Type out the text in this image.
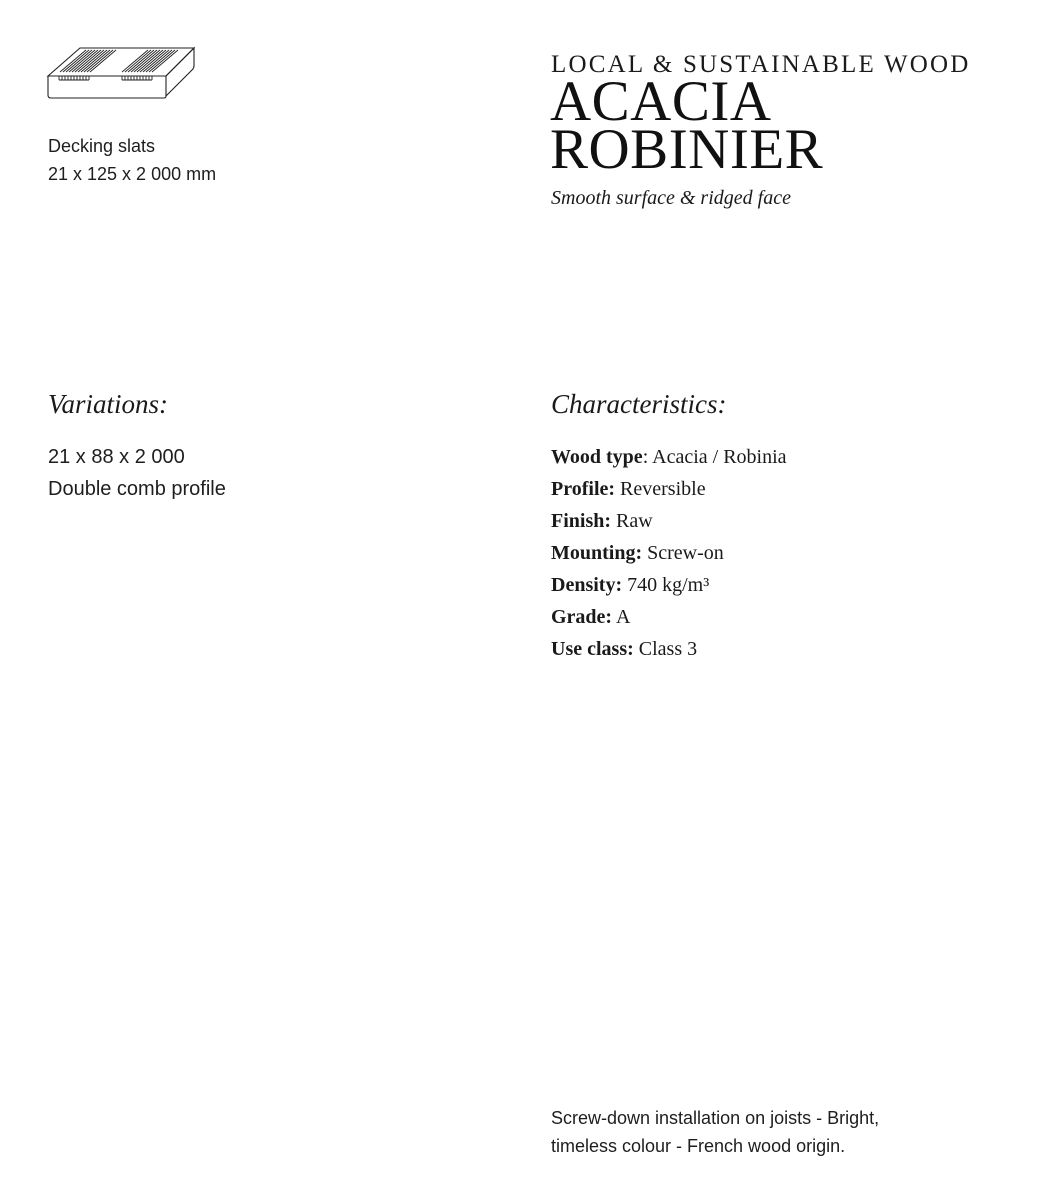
Decking slats
21 x 125 x 2 000 mm
LOCAL & SUSTAINABLE WOOD
ACACIA
ROBINIER
Smooth surface & ridged face
Variations:
21 x 88 x 2 000
Double comb profile
Characteristics:
Wood type: Acacia / Robinia
Profile: Reversible
Finish: Raw
Mounting: Screw-on
Density: 740 kg/m³
Grade: A
Use class: Class 3
Screw-down installation on joists - Bright, timeless colour - French wood origin.
